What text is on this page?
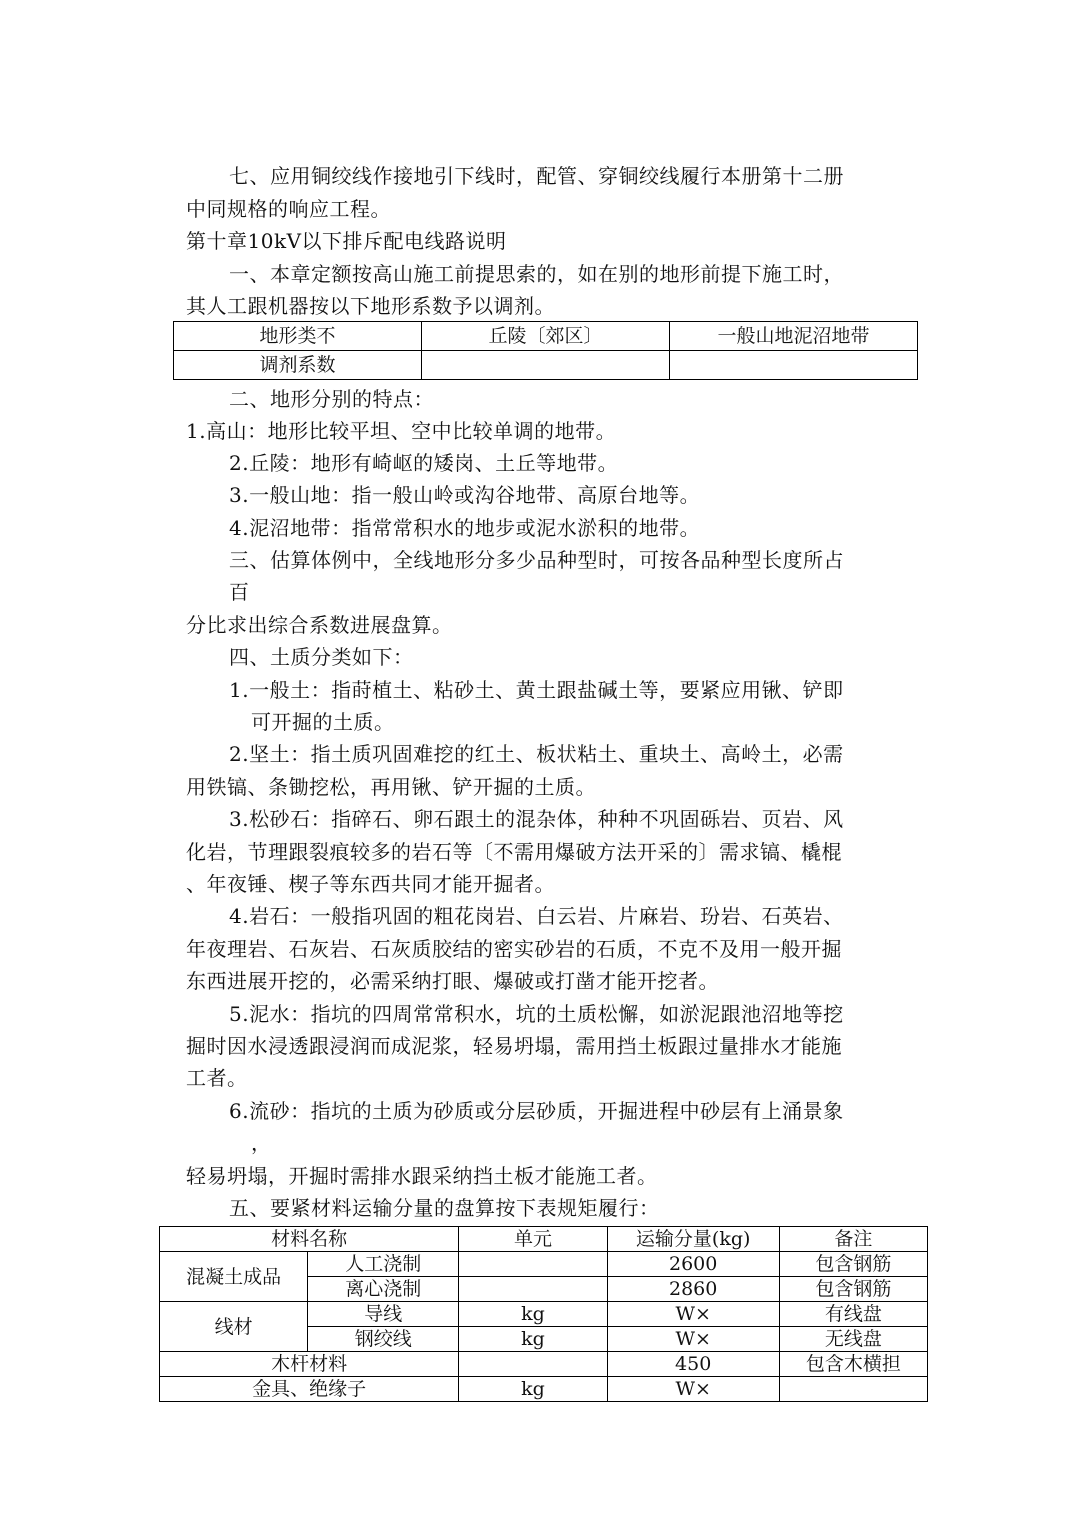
七、应用铜绞线作接地引下线时，配管、穿铜绞线履行本册第十二册
中同规格的响应工程。
第十章10kV以下排斥配电线路说明
一、本章定额按高山施工前提思索的，如在别的地形前提下施工时，
其人工跟机器按以下地形系数予以调剂。
地形类不	丘陵〔郊区〕	一般山地泥沼地带
调剂系数		
二、地形分别的特点：
1.高山：地形比较平坦、空中比较单调的地带。
2.丘陵：地形有崎岖的矮岗、土丘等地带。
3.一般山地：指一般山岭或沟谷地带、高原台地等。
4.泥沼地带：指常常积水的地步或泥水淤积的地带。
三、估算体例中，全线地形分多少品种型时，可按各品种型长度所占
百
分比求出综合系数进展盘算。
四、土质分类如下：
1.一般土：指莳植土、粘砂土、黄土跟盐碱土等，要紧应用锹、铲即
可开掘的土质。
2.坚土：指土质巩固难挖的红土、板状粘土、重块土、高岭土，必需
用铁镐、条锄挖松，再用锹、铲开掘的土质。
3.松砂石：指碎石、卵石跟土的混杂体，种种不巩固砾岩、页岩、风
化岩，节理跟裂痕较多的岩石等〔不需用爆破方法开采的〕需求镐、橇棍
、年夜锤、楔子等东西共同才能开掘者。
4.岩石：一般指巩固的粗花岗岩、白云岩、片麻岩、玢岩、石英岩、
年夜理岩、石灰岩、石灰质胶结的密实砂岩的石质，不克不及用一般开掘
东西进展开挖的，必需采纳打眼、爆破或打凿才能开挖者。
5.泥水：指坑的四周常常积水，坑的土质松懈，如淤泥跟池沼地等挖
掘时因水浸透跟浸润而成泥浆，轻易坍塌，需用挡土板跟过量排水才能施
工者。
6.流砂：指坑的土质为砂质或分层砂质，开掘进程中砂层有上涌景象
，
轻易坍塌，开掘时需排水跟采纳挡土板才能施工者。
五、要紧材料运输分量的盘算按下表规矩履行：
材料名称		单元	运输分量(kg)	备注
混凝土成品	人工浇制		2600	包含钢筋
	离心浇制		2860	包含钢筋
线材	导线	kg	W×	有线盘
	钢绞线	kg	W×	无线盘
木杆材料			450	包含木横担
金具、绝缘子		kg	W×	
